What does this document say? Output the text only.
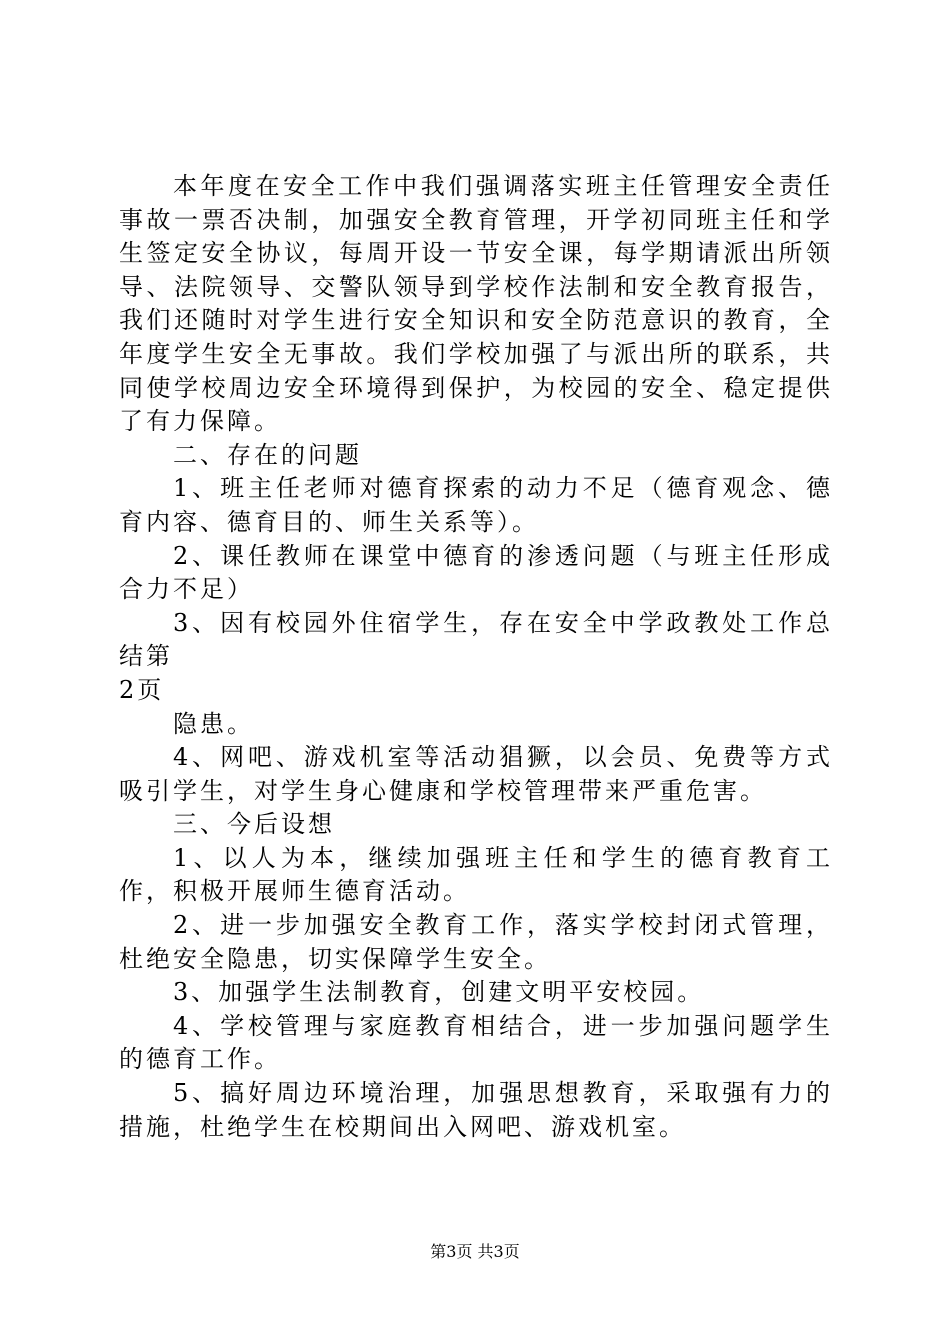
本年度在安全工作中我们强调落实班主任管理安全责任事故一票否决制，加强安全教育管理，开学初同班主任和学生签定安全协议，每周开设一节安全课，每学期请派出所领导、法院领导、交警队领导到学校作法制和安全教育报告，我们还随时对学生进行安全知识和安全防范意识的教育，全年度学生安全无事故。我们学校加强了与派出所的联系，共同使学校周边安全环境得到保护，为校园的安全、稳定提供了有力保障。

二、存在的问题

1、班主任老师对德育探索的动力不足（德育观念、德育内容、德育目的、师生关系等）。

2、课任教师在课堂中德育的渗透问题（与班主任形成合力不足）

3、因有校园外住宿学生，存在安全中学政教处工作总结第

2页

隐患。

4、网吧、游戏机室等活动猖獗，以会员、免费等方式吸引学生，对学生身心健康和学校管理带来严重危害。

三、今后设想

1、以人为本，继续加强班主任和学生的德育教育工作，积极开展师生德育活动。

2、进一步加强安全教育工作，落实学校封闭式管理，杜绝安全隐患，切实保障学生安全。

3、加强学生法制教育，创建文明平安校园。

4、学校管理与家庭教育相结合，进一步加强问题学生的德育工作。

5、搞好周边环境治理，加强思想教育，采取强有力的措施，杜绝学生在校期间出入网吧、游戏机室。

第3页 共3页
